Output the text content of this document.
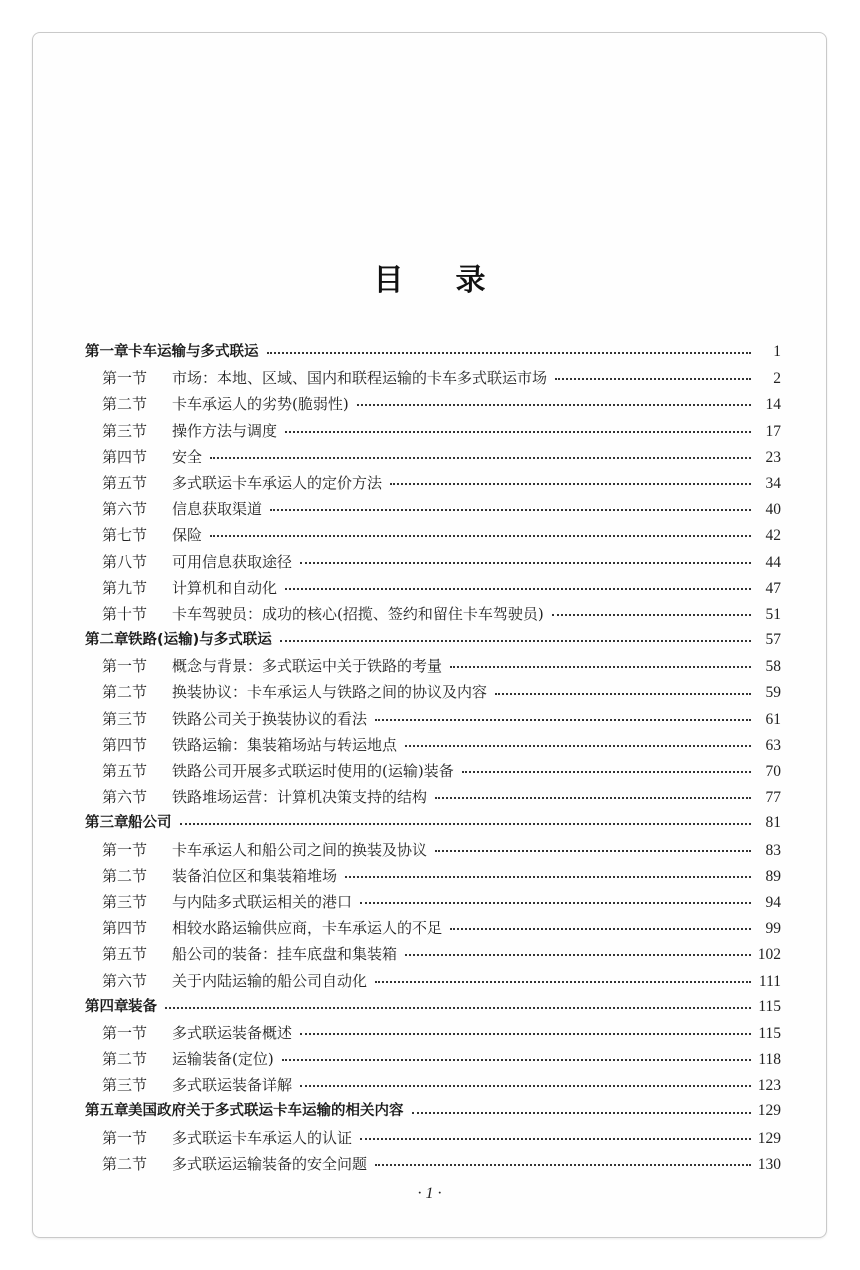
目录
第一章 卡车运输与多式联运	1
第一节	市场：本地、区域、国内和联程运输的卡车多式联运市场	2
第二节	卡车承运人的劣势(脆弱性)	14
第三节	操作方法与调度	17
第四节	安全	23
第五节	多式联运卡车承运人的定价方法	34
第六节	信息获取渠道	40
第七节	保险	42
第八节	可用信息获取途径	44
第九节	计算机和自动化	47
第十节	卡车驾驶员：成功的核心(招揽、签约和留住卡车驾驶员)	51
第二章 铁路(运输)与多式联运	57
第一节	概念与背景：多式联运中关于铁路的考量	58
第二节	换装协议：卡车承运人与铁路之间的协议及内容	59
第三节	铁路公司关于换装协议的看法	61
第四节	铁路运输：集装箱场站与转运地点	63
第五节	铁路公司开展多式联运时使用的(运输)装备	70
第六节	铁路堆场运营：计算机决策支持的结构	77
第三章 船公司	81
第一节	卡车承运人和船公司之间的换装及协议	83
第二节	装备泊位区和集装箱堆场	89
第三节	与内陆多式联运相关的港口	94
第四节	相较水路运输供应商，卡车承运人的不足	99
第五节	船公司的装备：挂车底盘和集装箱	102
第六节	关于内陆运输的船公司自动化	111
第四章 装备	115
第一节	多式联运装备概述	115
第二节	运输装备(定位)	118
第三节	多式联运装备详解	123
第五章 美国政府关于多式联运卡车运输的相关内容	129
第一节	多式联运卡车承运人的认证	129
第二节	多式联运运输装备的安全问题	130
· 1 ·
